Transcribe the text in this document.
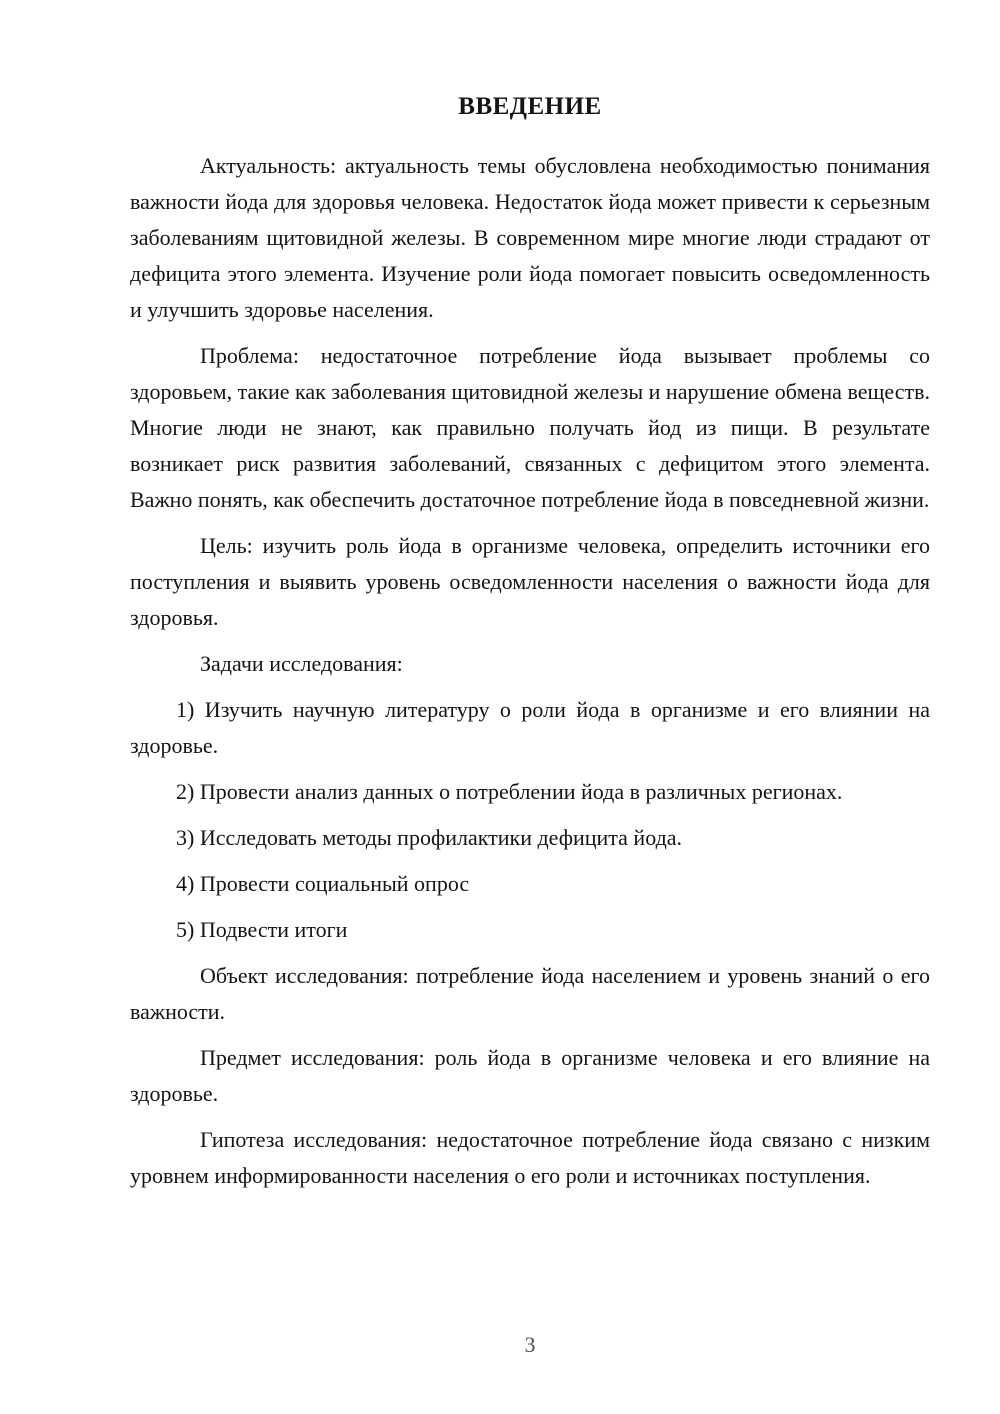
ВВЕДЕНИЕ

Актуальность: актуальность темы обусловлена необходимостью понимания важности йода для здоровья человека. Недостаток йода может привести к серьезным заболеваниям щитовидной железы. В современном мире многие люди страдают от дефицита этого элемента. Изучение роли йода помогает повысить осведомленность и улучшить здоровье населения.

Проблема: недостаточное потребление йода вызывает проблемы со здоровьем, такие как заболевания щитовидной железы и нарушение обмена веществ. Многие люди не знают, как правильно получать йод из пищи. В результате возникает риск развития заболеваний, связанных с дефицитом этого элемента. Важно понять, как обеспечить достаточное потребление йода в повседневной жизни.

Цель: изучить роль йода в организме человека, определить источники его поступления и выявить уровень осведомленности населения о важности йода для здоровья.

Задачи исследования:

1) Изучить научную литературу о роли йода в организме и его влиянии на здоровье.

2) Провести анализ данных о потреблении йода в различных регионах.

3) Исследовать методы профилактики дефицита йода.

4) Провести социальный опрос

5) Подвести итоги

Объект исследования: потребление йода населением и уровень знаний о его важности.

Предмет исследования: роль йода в организме человека и его влияние на здоровье.

Гипотеза исследования: недостаточное потребление йода связано с низким уровнем информированности населения о его роли и источниках поступления.

3
